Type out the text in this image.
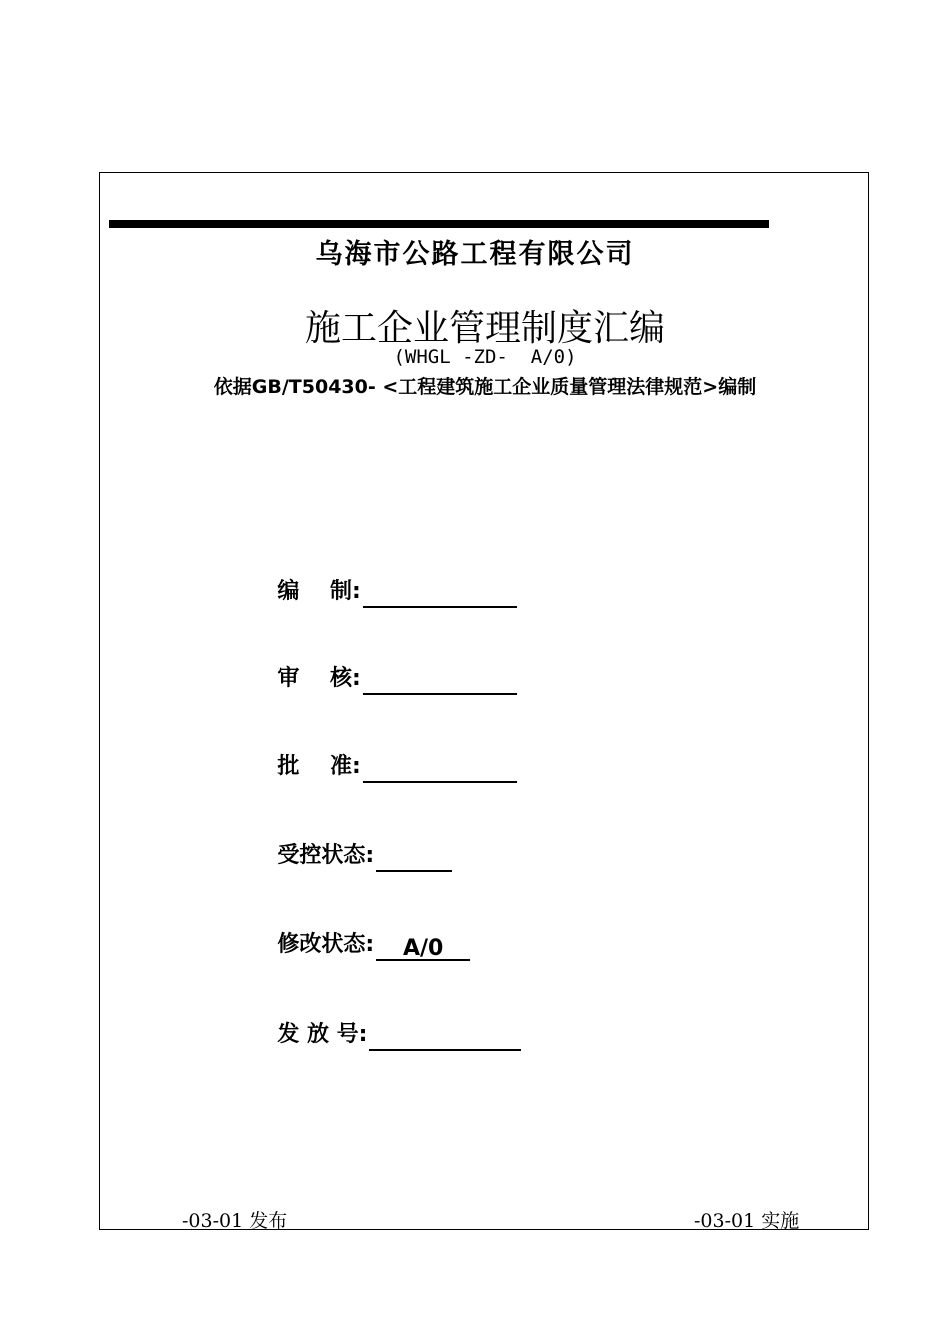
乌海市公路工程有限公司
施工企业管理制度汇编
(WHGL -ZD-  A/0)
依据GB/T50430- <工程建筑施工企业质量管理法律规范>编制

编    制:

审    核:

批    准:

受控状态:

修改状态: A/0

发 放 号:

-03-01 发布	-03-01 实施
